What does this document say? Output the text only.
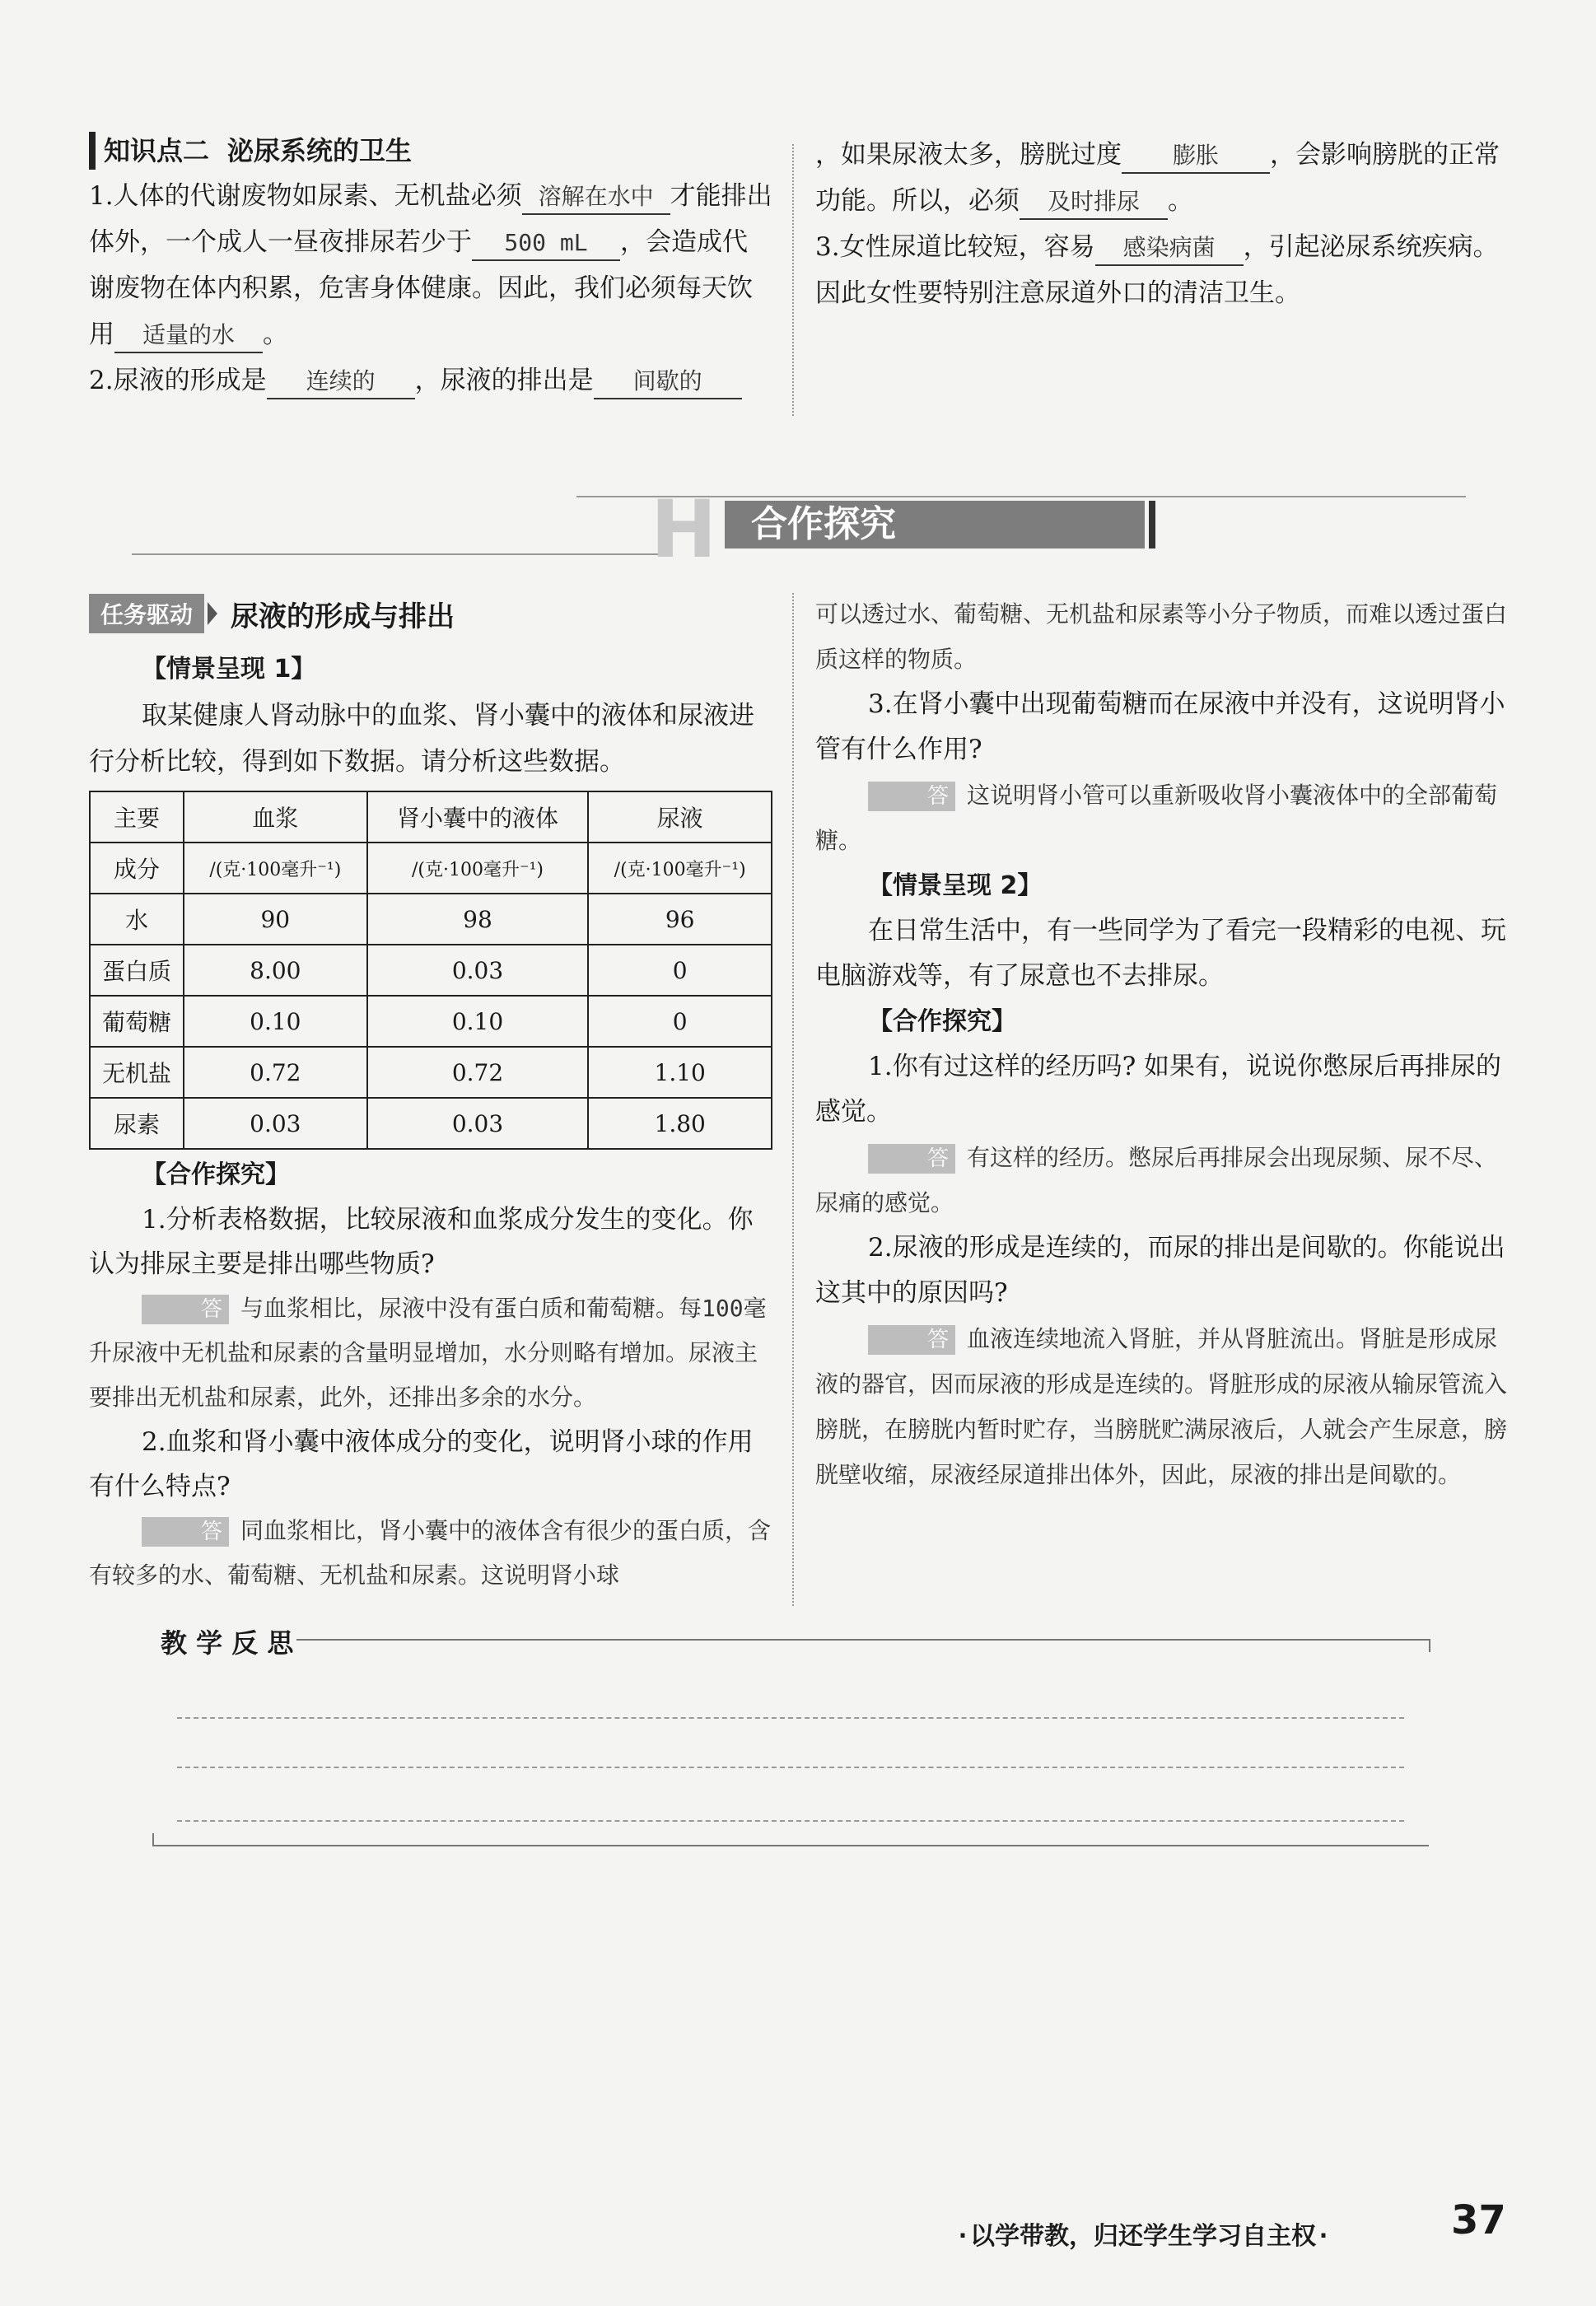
知识点二 泌尿系统的卫生

1.人体的代谢废物如尿素、无机盐必须 溶解在水中 才能排出体外，一个成人一昼夜排尿若少于 500 mL ，会造成代谢废物在体内积累，危害身体健康。因此，我们必须每天饮用 适量的水 。

2.尿液的形成是 连续的 ，尿液的排出是 间歇的

，如果尿液太多，膀胱过度 膨胀 ，会影响膀胱的正常功能。所以，必须 及时排尿 。

3.女性尿道比较短，容易 感染病菌 ，引起泌尿系统疾病。因此女性要特别注意尿道外口的清洁卫生。

H 合作探究
任务驱动	尿液的形成与排出
【情景呈现 1】

取某健康人肾动脉中的血浆、肾小囊中的液体和尿液进行分析比较，得到如下数据。请分析这些数据。

主要	血浆	肾小囊中的液体	尿液
成分	/(克·100毫升⁻¹)	/(克·100毫升⁻¹)	/(克·100毫升⁻¹)
水	90	98	96
蛋白质	8.00	0.03	0
葡萄糖	0.10	0.10	0
无机盐	0.72	0.72	1.10
尿素	0.03	0.03	1.80
【合作探究】

1.分析表格数据，比较尿液和血浆成分发生的变化。你认为排尿主要是排出哪些物质?

答 与血浆相比，尿液中没有蛋白质和葡萄糖。每100毫升尿液中无机盐和尿素的含量明显增加，水分则略有增加。尿液主要排出无机盐和尿素，此外，还排出多余的水分。

2.血浆和肾小囊中液体成分的变化，说明肾小球的作用有什么特点?

答 同血浆相比，肾小囊中的液体含有很少的蛋白质，含有较多的水、葡萄糖、无机盐和尿素。这说明肾小球

可以透过水、葡萄糖、无机盐和尿素等小分子物质，而难以透过蛋白质这样的物质。

3.在肾小囊中出现葡萄糖而在尿液中并没有，这说明肾小管有什么作用?

答 这说明肾小管可以重新吸收肾小囊液体中的全部葡萄糖。

【情景呈现 2】

在日常生活中，有一些同学为了看完一段精彩的电视、玩电脑游戏等，有了尿意也不去排尿。

【合作探究】

1.你有过这样的经历吗? 如果有，说说你憋尿后再排尿的感觉。

答 有这样的经历。憋尿后再排尿会出现尿频、尿不尽、尿痛的感觉。

2.尿液的形成是连续的，而尿的排出是间歇的。你能说出这其中的原因吗?

答 血液连续地流入肾脏，并从肾脏流出。肾脏是形成尿液的器官，因而尿液的形成是连续的。肾脏形成的尿液从输尿管流入膀胱，在膀胱内暂时贮存，当膀胱贮满尿液后，人就会产生尿意，膀胱壁收缩，尿液经尿道排出体外，因此，尿液的排出是间歇的。

教 学 反 思
·以学带教，归还学生学习自主权·	37
